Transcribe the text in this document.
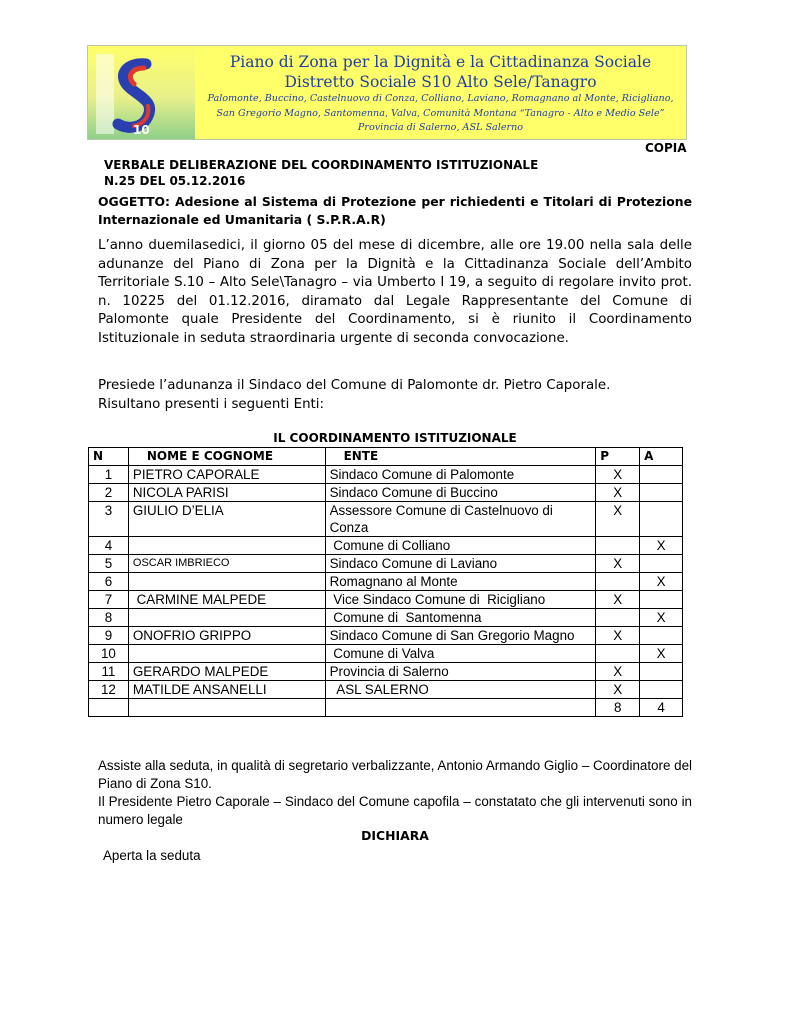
10
Piano di Zona per la Dignità e la Cittadinanza Sociale
Distretto Sociale S10 Alto Sele/Tanagro
Palomonte, Buccino, Castelnuovo di Conza, Colliano, Laviano, Romagnano al Monte, Ricigliano,
San Gregorio Magno, Santomenna, Valva, Comunità Montana “Tanagro - Alto e Medio Sele”
Provincia di Salerno, ASL Salerno
COPIA
VERBALE DELIBERAZIONE DEL COORDINAMENTO ISTITUZIONALE
N.25 DEL 05.12.2016
OGGETTO: Adesione al Sistema di Protezione per richiedenti e Titolari di Protezione Internazionale ed Umanitaria ( S.P.R.A.R)
L’anno duemilasedici, il giorno 05 del mese di dicembre, alle ore 19.00 nella sala delle adunanze del Piano di Zona per la Dignità e la Cittadinanza Sociale dell’Ambito Territoriale S.10 – Alto Sele\Tanagro – via Umberto I 19, a seguito di regolare invito prot. n. 10225 del 01.12.2016, diramato dal Legale Rappresentante del Comune di Palomonte quale Presidente del Coordinamento, si è riunito il Coordinamento Istituzionale in seduta straordinaria urgente di seconda convocazione.
Presiede l’adunanza il Sindaco del Comune di Palomonte dr. Pietro Caporale.
Risultano presenti i seguenti Enti:
IL COORDINAMENTO ISTITUZIONALE
N	NOME E COGNOME	ENTE	P	A
1	PIETRO CAPORALE	Sindaco Comune di Palomonte	X	
2	NICOLA PARISI	Sindaco Comune di Buccino	X	
3	GIULIO D’ELIA	Assessore Comune di Castelnuovo di Conza	X	
4		Comune di Colliano		X
5	OSCAR IMBRIECO	Sindaco Comune di Laviano	X	
6		Romagnano al Monte		X
7	CARMINE MALPEDE	Vice Sindaco Comune di  Ricigliano	X	
8		Comune di  Santomenna		X
9	ONOFRIO GRIPPO	Sindaco Comune di San Gregorio Magno	X	
10		Comune di Valva		X
11	GERARDO MALPEDE	Provincia di Salerno	X	
12	MATILDE ANSANELLI	ASL SALERNO	X	
			8	4
Assiste alla seduta, in qualità di segretario verbalizzante, Antonio Armando Giglio – Coordinatore del Piano di Zona S10.
Il Presidente Pietro Caporale – Sindaco del Comune capofila – constatato che gli intervenuti sono in numero legale
DICHIARA
Aperta la seduta
